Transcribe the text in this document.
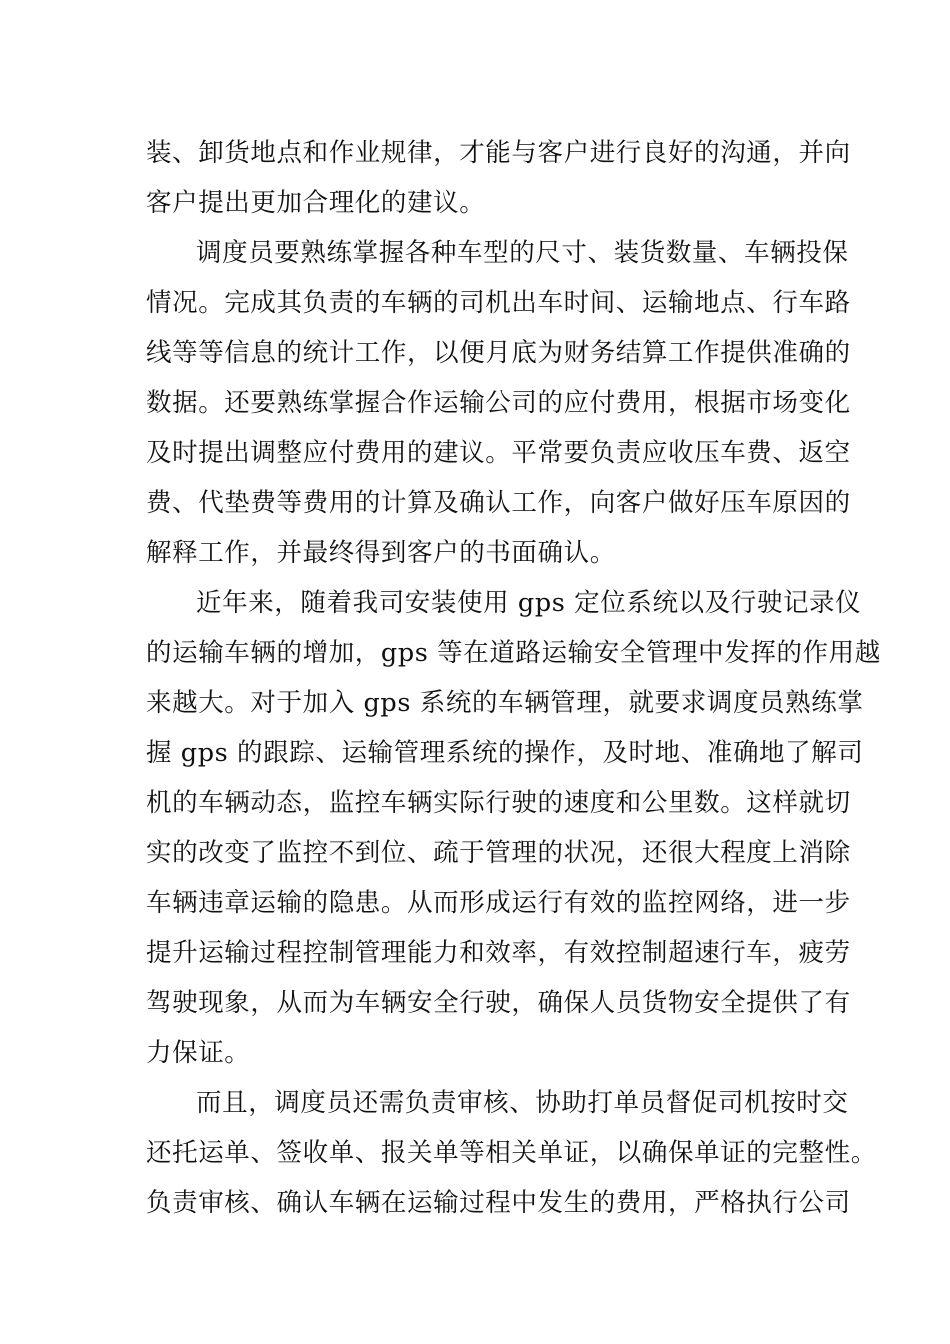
装、卸货地点和作业规律，才能与客户进行良好的沟通，并向
客户提出更加合理化的建议。
调度员要熟练掌握各种车型的尺寸、装货数量、车辆投保
情况。完成其负责的车辆的司机出车时间、运输地点、行车路
线等等信息的统计工作，以便月底为财务结算工作提供准确的
数据。还要熟练掌握合作运输公司的应付费用，根据市场变化
及时提出调整应付费用的建议。平常要负责应收压车费、返空
费、代垫费等费用的计算及确认工作，向客户做好压车原因的
解释工作，并最终得到客户的书面确认。
近年来，随着我司安装使用 gps 定位系统以及行驶记录仪
的运输车辆的增加，gps 等在道路运输安全管理中发挥的作用越
来越大。对于加入 gps 系统的车辆管理，就要求调度员熟练掌
握 gps 的跟踪、运输管理系统的操作，及时地、准确地了解司
机的车辆动态，监控车辆实际行驶的速度和公里数。这样就切
实的改变了监控不到位、疏于管理的状况，还很大程度上消除
车辆违章运输的隐患。从而形成运行有效的监控网络，进一步
提升运输过程控制管理能力和效率，有效控制超速行车，疲劳
驾驶现象，从而为车辆安全行驶，确保人员货物安全提供了有
力保证。
而且，调度员还需负责审核、协助打单员督促司机按时交
还托运单、签收单、报关单等相关单证，以确保单证的完整性。
负责审核、确认车辆在运输过程中发生的费用，严格执行公司
